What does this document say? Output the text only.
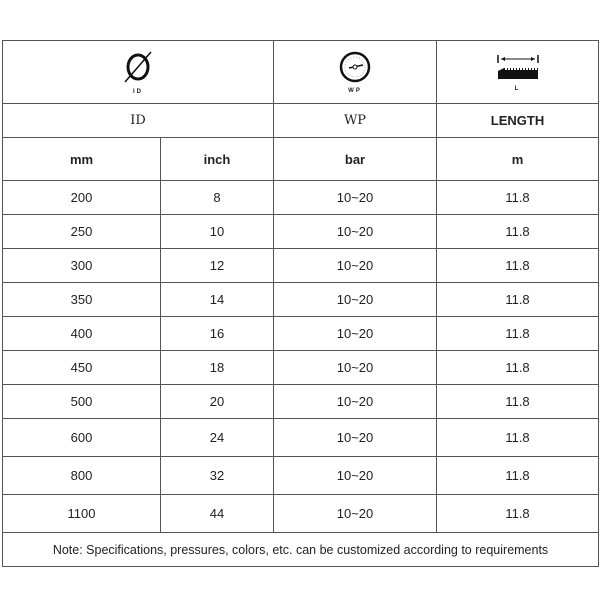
ID		WP	L

ID		WP	LENGTH
mm	inch	bar	m
200	8	10~20	11.8
250	10	10~20	11.8
300	12	10~20	11.8
350	14	10~20	11.8
400	16	10~20	11.8
450	18	10~20	11.8
500	20	10~20	11.8
600	24	10~20	11.8
800	32	10~20	11.8
1100	44	10~20	11.8
Note: Specifications, pressures, colors, etc. can be customized according to requirements			
